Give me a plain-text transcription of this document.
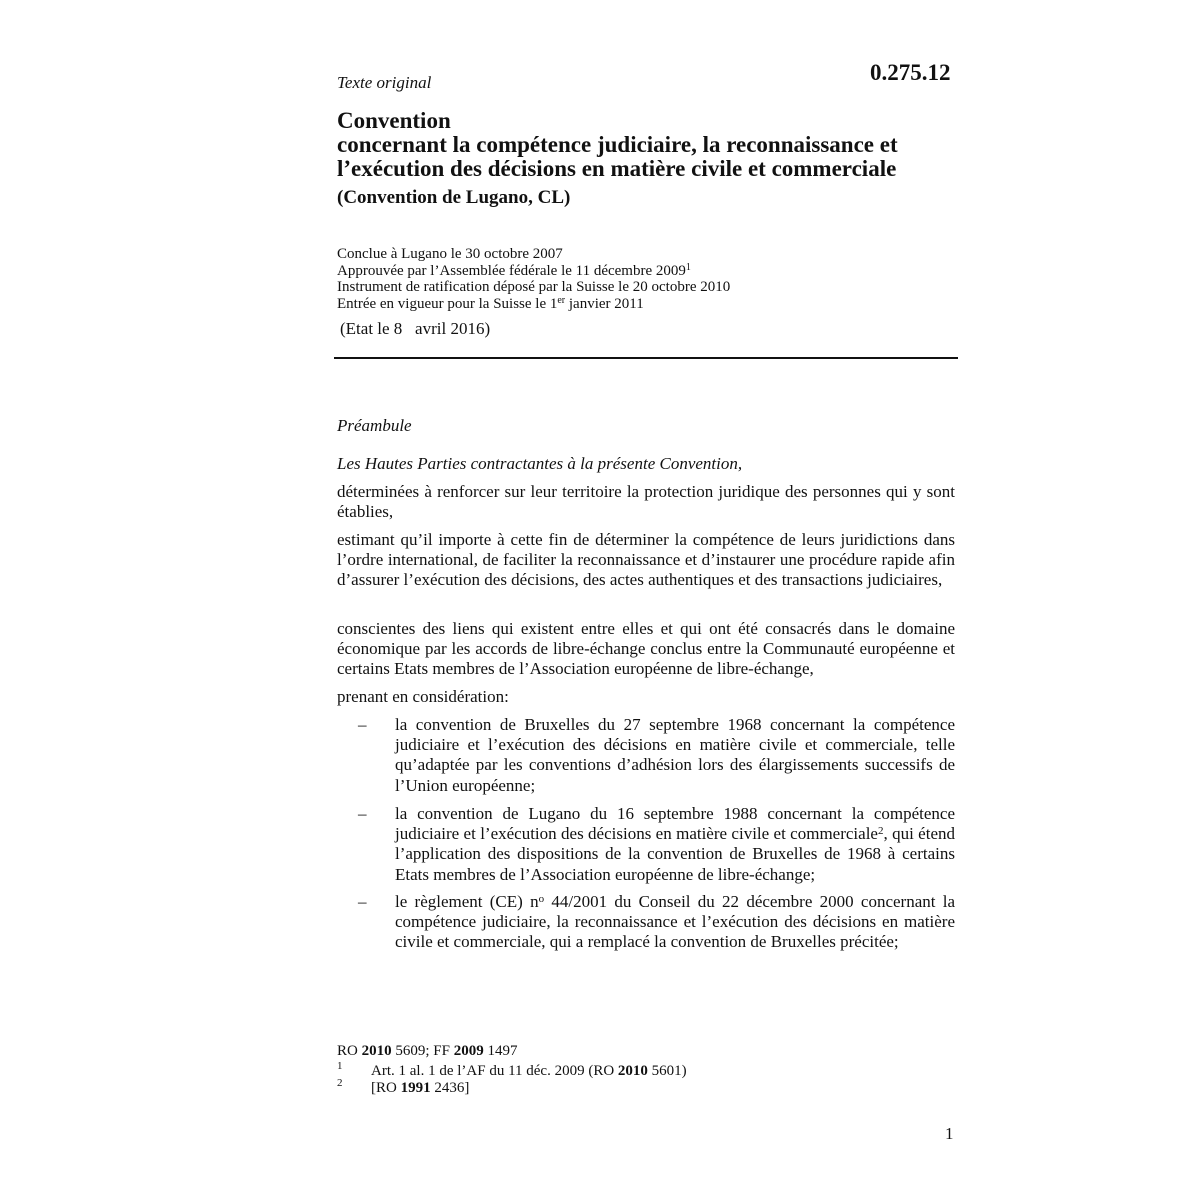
Texte original	0.275.12
Convention
concernant la compétence judiciaire, la reconnaissance et
l’exécution des décisions en matière civile et commerciale
(Convention de Lugano, CL)
Conclue à Lugano le 30 octobre 2007
Approuvée par l’Assemblée fédérale le 11 décembre 2009$^1$
Instrument de ratification déposé par la Suisse le 20 octobre 2010
Entrée en vigueur pour la Suisse le 1er janvier 2011
(Etat le 8   avril 2016)
Préambule
Les Hautes Parties contractantes à la présente Convention,
déterminées à renforcer sur leur territoire la protection juridique des personnes qui y sont établies,
estimant qu’il importe à cette fin de déterminer la compétence de leurs juridictions dans l’ordre international, de faciliter la reconnaissance et d’instaurer une procédure rapide afin d’assurer l’exécution des décisions, des actes authentiques et des transactions judiciaires,
conscientes des liens qui existent entre elles et qui ont été consacrés dans le domaine économique par les accords de libre-échange conclus entre la Communauté européenne et certains Etats membres de l’Association européenne de libre-échange,
prenant en considération:
– la convention de Bruxelles du 27 septembre 1968 concernant la compétence judiciaire et l’exécution des décisions en matière civile et commerciale, telle qu’adaptée par les conventions d’adhésion lors des élargissements successifs de l’Union européenne;
– la convention de Lugano du 16 septembre 1988 concernant la compétence judiciaire et l’exécution des décisions en matière civile et commerciale$^2$, qui étend l’application des dispositions de la convention de Bruxelles de 1968 à certains Etats membres de l’Association européenne de libre-échange;
– le règlement (CE) $n^o$ 44/2001 du Conseil du 22 décembre 2000 concernant la compétence judiciaire, la reconnaissance et l’exécution des décisions en matière civile et commerciale, qui a remplacé la convention de Bruxelles précitée;
RO 2010 5609; FF 2009 1497
1 Art. 1 al. 1 de l’AF du 11 déc. 2009 (RO 2010 5601)
2 [RO 1991 2436]
1
